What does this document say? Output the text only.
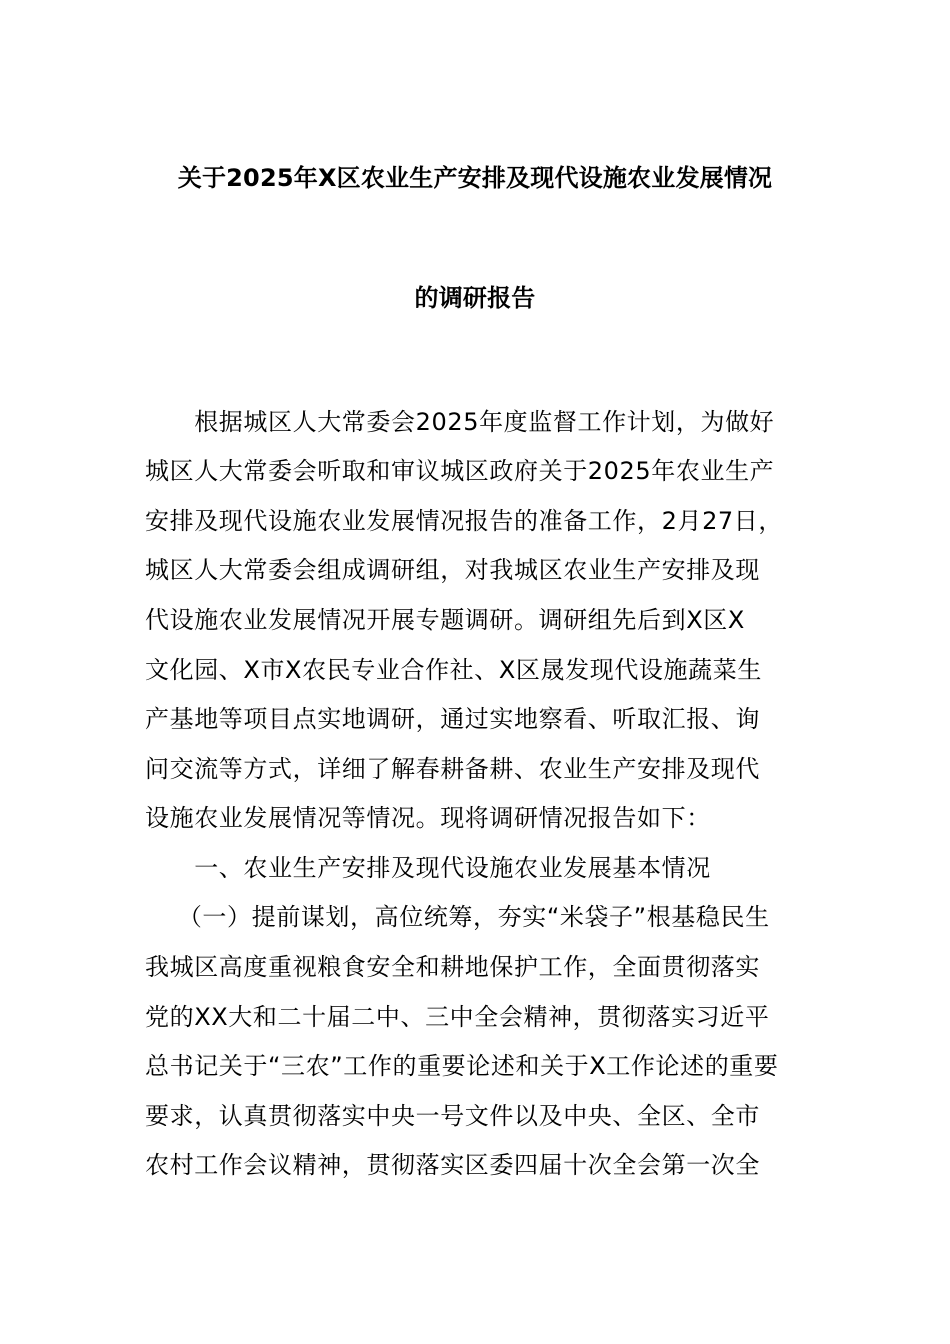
关于2025年X区农业生产安排及现代设施农业发展情况
的调研报告
　　根据城区人大常委会2025年度监督工作计划，为做好
城区人大常委会听取和审议城区政府关于2025年农业生产
安排及现代设施农业发展情况报告的准备工作，2月27日，
城区人大常委会组成调研组，对我城区农业生产安排及现
代设施农业发展情况开展专题调研。调研组先后到X区X
文化园、X市X农民专业合作社、X区晟发现代设施蔬菜生
产基地等项目点实地调研，通过实地察看、听取汇报、询
问交流等方式，详细了解春耕备耕、农业生产安排及现代
设施农业发展情况等情况。现将调研情况报告如下：
　　一、农业生产安排及现代设施农业发展基本情况
　 （一）提前谋划，高位统筹，夯实“米袋子”根基稳民生
我城区高度重视粮食安全和耕地保护工作，全面贯彻落实
党的XX大和二十届二中、三中全会精神，贯彻落实习近平
总书记关于“三农”工作的重要论述和关于X工作论述的重要
要求，认真贯彻落实中央一号文件以及中央、全区、全市
农村工作会议精神，贯彻落实区委四届十次全会第一次全
